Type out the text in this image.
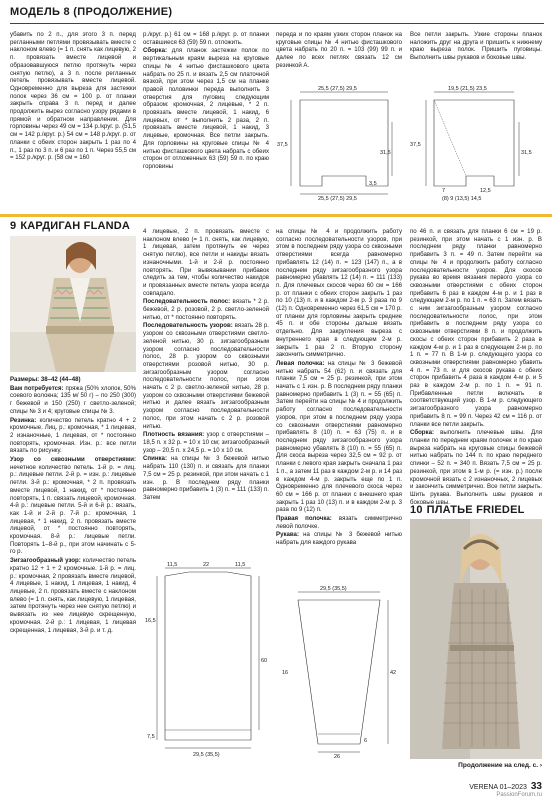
МОДЕЛЬ 8 (ПРОДОЛЖЕНИЕ)

убавить по 2 п., для этого 3 п. перед регланными петлями провязывать вместе с наклоном влево (= 1 п. снять как лицевую, 2 п. провязать вместе лицевой и образовавшуюся петлю протянуть через снятую петлю), а 3 п. после регланных петель провязывать вместе лицевой. Одновременно для выреза для застежки полок через 36 см = 100 р. от планки закрыть справа 3 п. перед и далее продолжить вырез согласно узору рядами в прямой и обратном направлении. Для горловины через 49 см = 134 р./круг. р. (51,5 см = 142 р./круг. р.) 54 см = 148 р./круг. р. от планки с обеих сторон закрыть 1 раз по 4 п., 1 раз по 3 п. и 6 раз по 1 п. Через 55,5 см = 152 р./круг. р. (58 см = 160

р./круг. р.) 61 см = 168 р./круг. р. от планки оставшиеся 63 (59) 59 п. отложить.

Сборка: для планок застежки полок по вертикальным краям выреза на круговые спицы № 4 нитью фисташкового цвета набрать по 25 п. и вязать 2,5 см платочной вязкой, при этом через 1,5 см на планке правой половинки переда выполнить 3 отверстия для пуговиц следующим образом: кромочная, 2 лицевые, * 2 п. провязать вместе лицевой, 1 накид, 6 лицевых, от * выполнить 2 раза, 2 п. провязать вместе лицевой, 1 накид, 3 лицевые, кромочная. Все петли закрыть. Для горловины на круговые спицы № 4 нитью фисташкового цвета набрать с обеих сторон от отложенных 63 (59) 59 п. по краю горловины

переда и по краям узких сторон планок на круговые спицы № 4 нитью фисташкового цвета набрать по 20 п. = 103 (99) 99 п. и далее по всех петлях связать 12 см резинкой А.

Все петли закрыть. Узкие стороны планок наложить друг на друга и пришить к нижнему краю выреза полок. Пришить пуговицы. Выполнить швы рукавов и боковые швы.

25,5 (27,5) 29,5
37,5
31,5
25,5 (27,5) 29,5
3,5
19,5 (21,5) 23,5
37,5
31,5
7	12,5
(8) 9 (13,5) 14,5
9 КАРДИГАН FLANDA

Размеры: 38–42 (44–48)

Вам потребуется: пряжа (50% хлопок, 50% соевого волокна; 135 м/ 50 г) – по 250 (300) г бежевой и 150 (250) г светло-зеленой; спицы № 3 и 4; круговые спицы № 3.

Резинка: количество петель кратно 4 + 2 кромочные. Лиц. р.: кромочная, * 1 лицевая, 2 изнаночные, 1 лицевая, от * постоянно повторять, кромочная. Изн. р.: все петли вязать по рисунку.

Узор со сквозными отверстиями: нечетное количество петель. 1-й р. = лиц. р.: лицевые петли. 2-й р. = изн. р.: лицевые петли. 3-й р.: кромочная, * 2 п. провязать вместе лицевой, 1 накид, от * постоянно повторять, 1 п. связать лицевой, кромочная. 4-й р.: лицевые петли. 5-й и 6-й р.: вязать, как 1-й и 2-й р. 7-й р.: кромочная, 1 лицевая, * 1 накид, 2 п. провязать вместе лицевой, от * постоянно повторять, кромочная. 8-й р.: лицевые петли. Повторять 1–8-й р., при этом начинать с 5-го р.

Зигзагообразный узор: количество петель кратно 12 + 1 + 2 кромочные. 1-й р. = лиц. р.: кромочная, 2 провязать вместе лицевой, 4 лицевые, 1 накид, 1 лицевая, 1 накид, 4 лицевые, 2 п. провязать вместе с наклоном влево (= 1 п. снять, как лицевую, 1 лицевая, затем протянуть через нее снятую петлю) и вывязать из нее лицевую скрещенную, кромочная. 2-й р.: 1 лицевая, 1 лицевая скрещенная, 1 лицевая, 3-й р. и т. д.

4 лицевые, 2 п. провязать вместе с наклоном влево (= 1 п. снять, как лицевую, 1 лицевая, затем протянуть ее через снятую петлю), все петли и накиды вязать изнаночными. 1-й и 2-й р. постоянно повторять. При вывязывании прибавок следить за тем, чтобы количество накидов и провязанных вместе петель узора всегда совпадало.

Последовательность полос: вязать * 2 р. бежевой, 2 р. розовой, 2 р. светло-зеленой нитью, от * постоянно повторять.

Последовательность узоров: вязать 28 р. узором со сквозными отверстиями светло-зеленой нитью, 30 р. зигзагообразным узором согласно последовательности полос, 28 р. узором со сквозными отверстиями розовой нитью, 30 р. зигзагообразным узором согласно последовательности полос, при этом начать с 2 р. светло-зеленой нитью, 28 р. узором со сквозными отверстиями бежевой нитью и далее вязать зигзагообразным узором согласно последовательности полос, при этом начать с 2 р. розовой нитью.

Плотность вязания: узор с отверстиями – 18,5 п. х 32 р. = 10 х 10 см; зигзагообразный узор – 20,5 п. х 24,5 р. = 10 х 10 см.

Спинка: на спицы № 3 бежевой нитью набрать 110 (130) п. и связать для планки 7,5 см = 25 р. резинкой, при этом начать с 1 изн. р. В последнем ряду планки равномерно прибавить 1 (3) п. = 111 (133) п. Затем

11,5	22	11,5
16,5
60
7,5
29,5 (35,5)

на спицы № 4 и продолжить работу согласно последовательности узоров, при этом в последнем ряду узора со сквозными отверстиями всегда равномерно прибавлять 12 (14) п. = 123 (147) п., а в последнем ряду зигзагообразного узора равномерно убавлять 12 (14) п. = 111 (133) п. Для плечевых скосов через 60 см = 166 р. от планки с обеих сторон закрыть 1 раз по 10 (13) п. и в каждом 2-м р. 3 раза по 9 (12) п. Одновременно через 61,5 см = 170 р. от планки для горловины закрыть средние 45 п. и обе стороны дальше вязать отдельно. Для закругления выреза с внутреннего края в следующем 2-м р. закрыть 1 раз 2 п. Вторую сторону закончить симметрично.

Левая полочка: на спицы № 3 бежевой нитью набрать 54 (62) п. и связать для планки 7,5 см = 25 р. резинкой, при этом начать с 1 изн. р. В последнем ряду планки равномерно прибавить 1 (3) п. = 55 (65) п. Затем перейти на спицы № 4 и продолжить работу согласно последовательности узоров, при этом в последнем ряду узора со сквозными отверстиями равномерно прибавлять 8 (10) п. = 63 (75) п. и в последнем ряду зигзагообразного узора равномерно убавлять 8 (10) п. = 55 (65) п. Для скоса выреза через 32,5 см = 92 р. от планки с левого края закрыть сначала 1 раз 1 п., а затем 11 раз в каждом 2-м р. и 14 раз в каждом 4-м р. закрыть еще по 1 п. Одновременно для плечевого скоса через 60 см = 166 р. от планки с внешнего края закрыть 1 раз 10 (13) п. и в каждом 2-м р. 3 раза по 9 (12) п.

Правая полочка: вязать симметрично левой полочке.

Рукава: на спицы № 3 бежевой нитью набрать для каждого рукава

29,5 (35,5)
42
16
6
26

по 46 п. и связать для планки 6 см = 19 р. резинкой, при этом начать с 1 изн. р. В последнем ряду планки равномерно прибавить 3 п. = 49 п. Затем перейти на спицы № 4 и продолжить работу согласно последовательности узоров. Для скосов рукава во время вязания первого узора со сквозными отверстиями с обеих сторон прибавить 6 раз в каждом 4-м р. и 1 раз в следующем 2-м р. по 1 п. = 63 п. Затем вязать с ним зигзагообразным узором согласно последовательности полос, при этом прибавить в последнем ряду узора со сквозными отверстиями 8 п. и продолжить скосы с обеих сторон прибавить 2 раза в каждом 4-м р. и 1 раз в следующем 2-м р. по 1 п. = 77 п. В 1-м р. следующего узора со сквозными отверстиями равномерно убавить 4 п. = 73 п. и для скосов рукава с обеих сторон прибавить 4 раза в каждом 4-м р. и 5 раз в каждом 2-м р. по 1 п. = 91 п. Прибавленные петли включать в соответствующий узор. В 1-м р. следующего зигзагообразного узора равномерно прибавить 8 п. = 99 п. Через 42 см = 116 р. от планки все петли закрыть.

Сборка: выполнить плечевые швы. Для планки по переднем краям полочек и по краю выреза набрать на круговые спицы бежевой нитью набрать по 144 п. по краю переднего спинки – 52 п. = 340 п. Вязать 7,5 см = 25 р. резинкой, при этом в 1-м р. (= изн. р.) после кромочной вязать с 2 изнаночных, 2 лицевых и закончить симметрично. Все петли закрыть. Шить рукава. Выполнить швы рукавов и боковые швы.

10 ПЛАТЬЕ FRIEDEL
Продолжение на след. с. ›
VERENA 01–2023 33
PassionForum.ru
